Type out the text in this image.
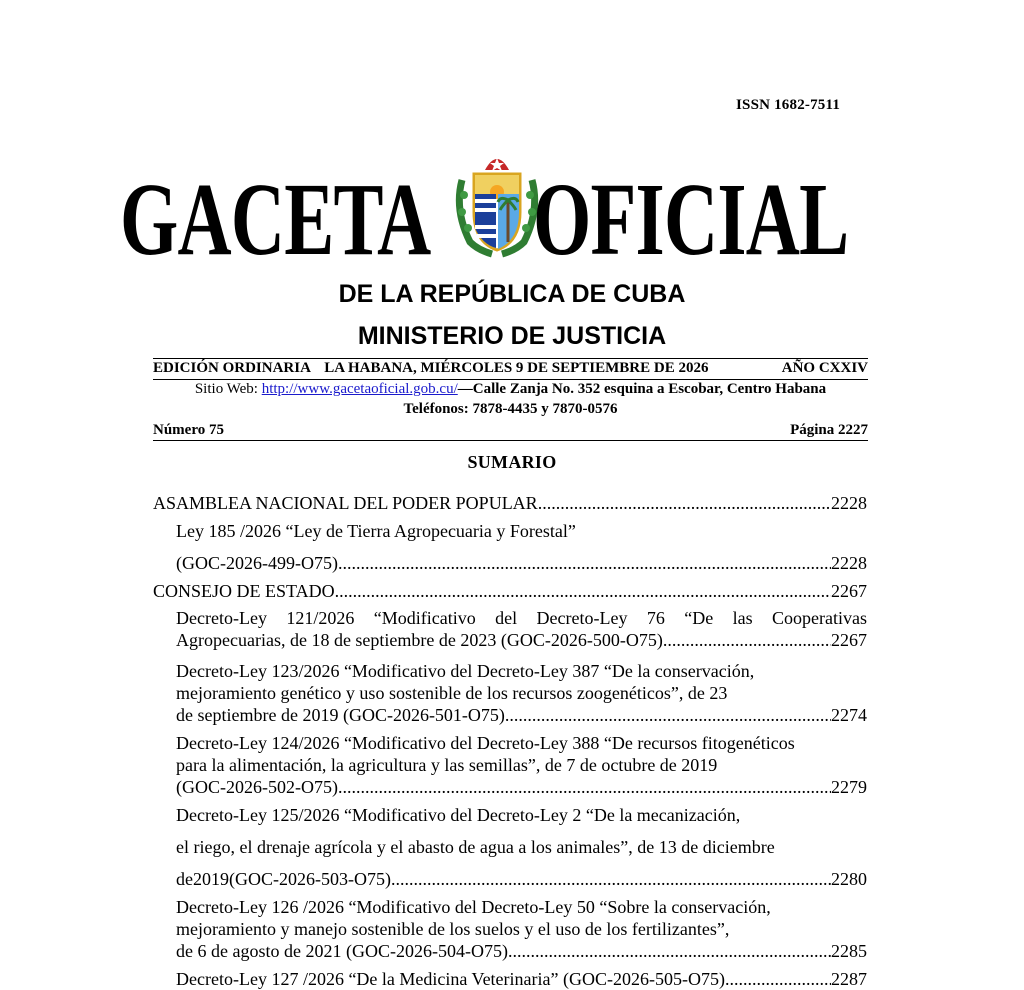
ISSN 1682-7511
GACETA OFICIAL
DE LA REPÚBLICA DE CUBA
MINISTERIO DE JUSTICIA
EDICIÓN ORDINARIA LA HABANA, MIÉRCOLES 9 DE SEPTIEMBRE DE 2026	AÑO CXXIV
Sitio Web: http://www.gacetaoficial.gob.cu/—Calle Zanja No. 352 esquina a Escobar, Centro Habana
Teléfonos: 7878-4435 y 7870-0576
Número 75	Página 2227
SUMARIO
ASAMBLEA NACIONAL DEL PODER POPULAR .....	2228
Ley 185 /2026 “Ley de Tierra Agropecuaria y Forestal”
(GOC-2026-499-O75) .....	2228
CONSEJO DE ESTADO .....	2267
Decreto-Ley 121/2026 “Modificativo del Decreto-Ley 76 “De las Cooperativas
Agropecuarias, de 18 de septiembre de 2023 (GOC-2026-500-O75) .....	2267
Decreto-Ley 123/2026 “Modificativo del Decreto-Ley 387 “De la conservación,
mejoramiento genético y uso sostenible de los recursos zoogenéticos”, de 23
de septiembre de 2019 (GOC-2026-501-O75) .....	2274
Decreto-Ley 124/2026 “Modificativo del Decreto-Ley 388 “De recursos fitogenéticos
para la alimentación, la agricultura y las semillas”, de 7 de octubre de 2019
(GOC-2026-502-O75) .....	2279
Decreto-Ley 125/2026 “Modificativo del Decreto-Ley 2 “De la mecanización,
el riego, el drenaje agrícola y el abasto de agua a los animales”, de 13 de diciembre
de2019(GOC-2026-503-O75) .....	2280
Decreto-Ley 126 /2026 “Modificativo del Decreto-Ley 50 “Sobre la conservación,
mejoramiento y manejo sostenible de los suelos y el uso de los fertilizantes”,
de 6 de agosto de 2021 (GOC-2026-504-O75) .....	2285
Decreto-Ley 127 /2026 “De la Medicina Veterinaria” (GOC-2026-505-O75) .....	2287
